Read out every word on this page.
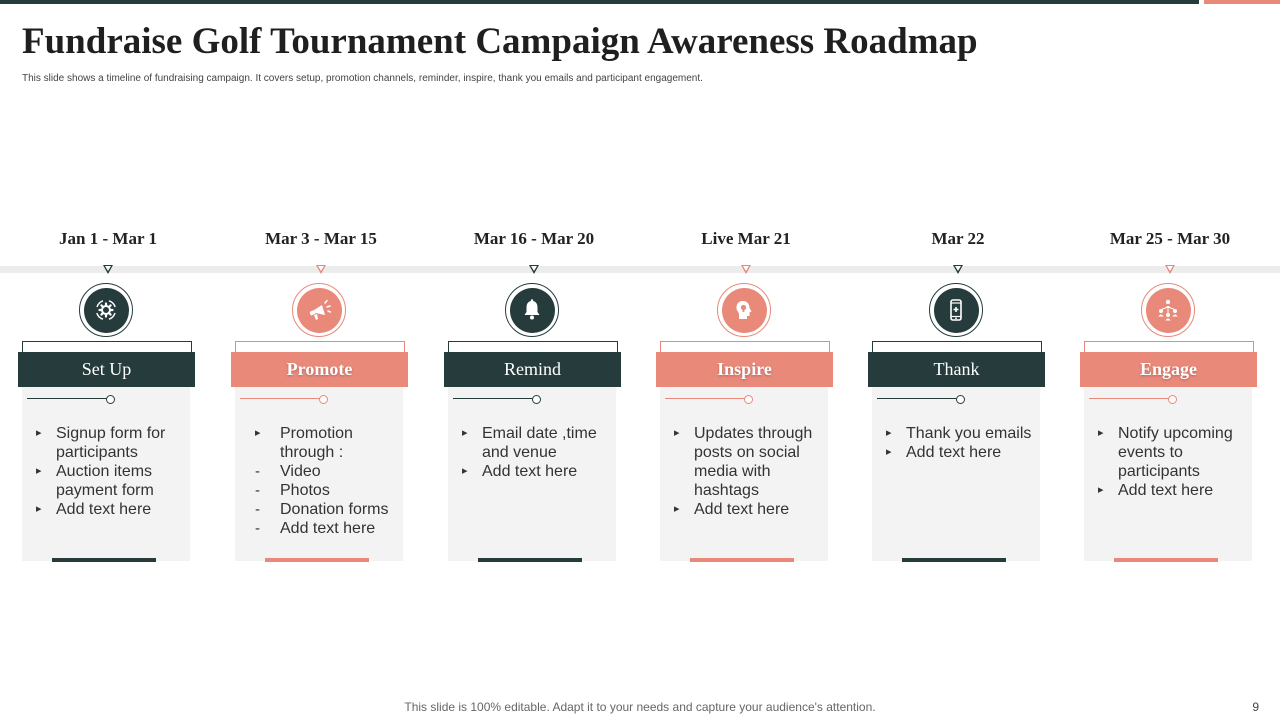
Fundraise Golf Tournament Campaign Awareness Roadmap

This slide shows a timeline of fundraising campaign. It covers setup, promotion channels, reminder, inspire, thank you emails and participant engagement.

Jan 1 - Mar 1
Set Up
▸ Signup form for participants
▸ Auction items payment form
▸ Add text here
Mar 3 - Mar 15
Promote
▸ Promotion through :
- Video
- Photos
- Donation forms
- Add text here
Mar 16 - Mar 20
Remind
▸ Email date ,time and venue
▸ Add text here
Live Mar 21
Inspire
▸ Updates through posts on social media with hashtags
▸ Add text here
Mar 22
Thank
▸ Thank you emails
▸ Add text here
Mar 25 - Mar 30
Engage
▸ Notify upcoming events to participants
▸ Add text here
This slide is 100% editable. Adapt it to your needs and capture your audience's attention.	9
